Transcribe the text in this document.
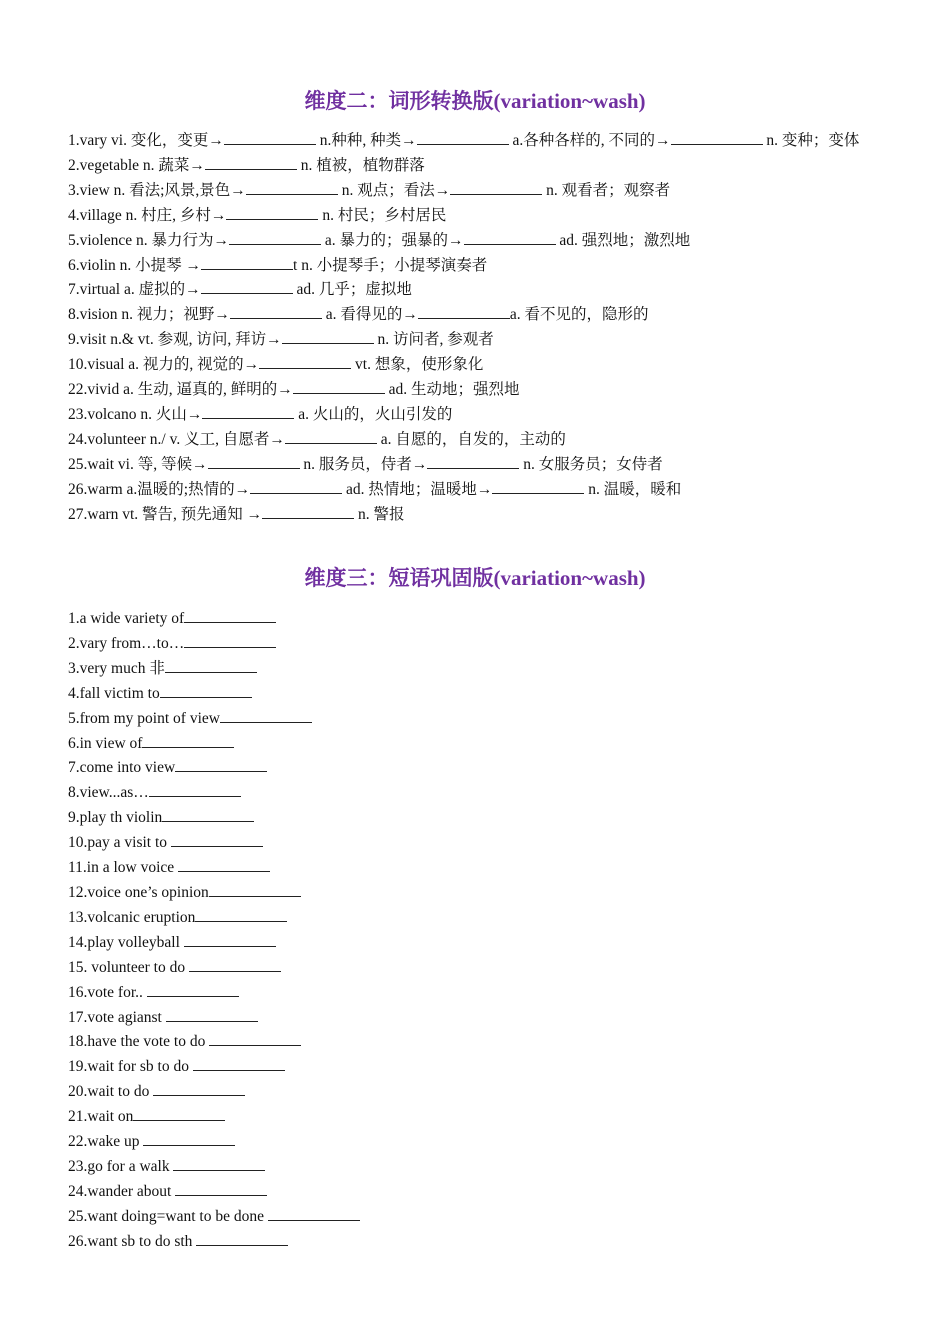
维度二：词形转换版(variation~wash)
1.vary vi. 变化，变更→	n.种种, 种类→	a.各种各样的, 不同的→	n. 变种；变体
2.vegetable n. 蔬菜→	n. 植被，植物群落
3.view n. 看法;风景,景色→	n. 观点；看法→	n. 观看者；观察者
4.village n. 村庄, 乡村→	n. 村民；乡村居民
5.violence n. 暴力行为→	a. 暴力的；强暴的→	ad. 强烈地；激烈地
6.violin n. 小提琴 →	t n. 小提琴手；小提琴演奏者
7.virtual a. 虚拟的→	ad. 几乎；虚拟地
8.vision n. 视力；视野→	a. 看得见的→	a. 看不见的，隐形的
9.visit n.& vt. 参观, 访问, 拜访→	n. 访问者, 参观者
10.visual a. 视力的, 视觉的→	vt. 想象，使形象化
22.vivid a. 生动, 逼真的, 鲜明的→	ad. 生动地；强烈地
23.volcano n. 火山→	a. 火山的，火山引发的
24.volunteer n./ v. 义工, 自愿者→	a. 自愿的，自发的，主动的
25.wait vi. 等, 等候→	n. 服务员，侍者→	n. 女服务员；女侍者
26.warm a.温暖的;热情的→	ad. 热情地；温暖地→	n. 温暖，暖和
27.warn vt. 警告, 预先通知 →	n. 警报
维度三：短语巩固版(variation~wash)
1.a wide variety of
2.vary from…to…
3.very much 非
4.fall victim to
5.from my point of view
6.in view of
7.come into view
8.view...as…
9.play th violin
10.pay a visit to
11.in a low voice
12.voice one’s opinion
13.volcanic eruption
14.play volleyball
15. volunteer to do
16.vote for..
17.vote agianst
18.have the vote to do
19.wait for sb to do
20.wait to do
21.wait on
22.wake up
23.go for a walk
24.wander about
25.want doing=want to be done
26.want sb to do sth
